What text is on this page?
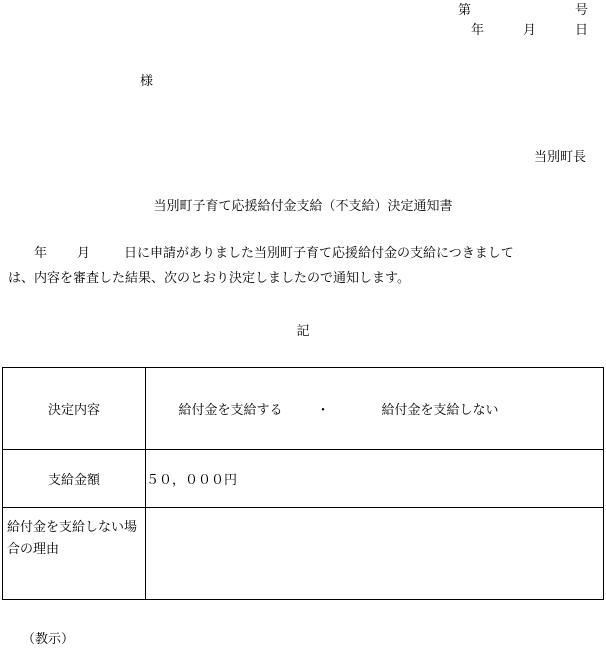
第　　　　　　　　号
年　　　月　　　日
様
当別町長
当別町子育て応援給付金支給（不支給）決定通知書
年 月	日に申請がありました当別町子育て応援給付金の支給につきまして
は、内容を審査した結果、次のとおり決定しましたので通知します。
記
決定内容	給付金を支給する ・ 給付金を支給しない

支給金額	５０，０００円
給付金を支給しない場合の理由	
（教示）
